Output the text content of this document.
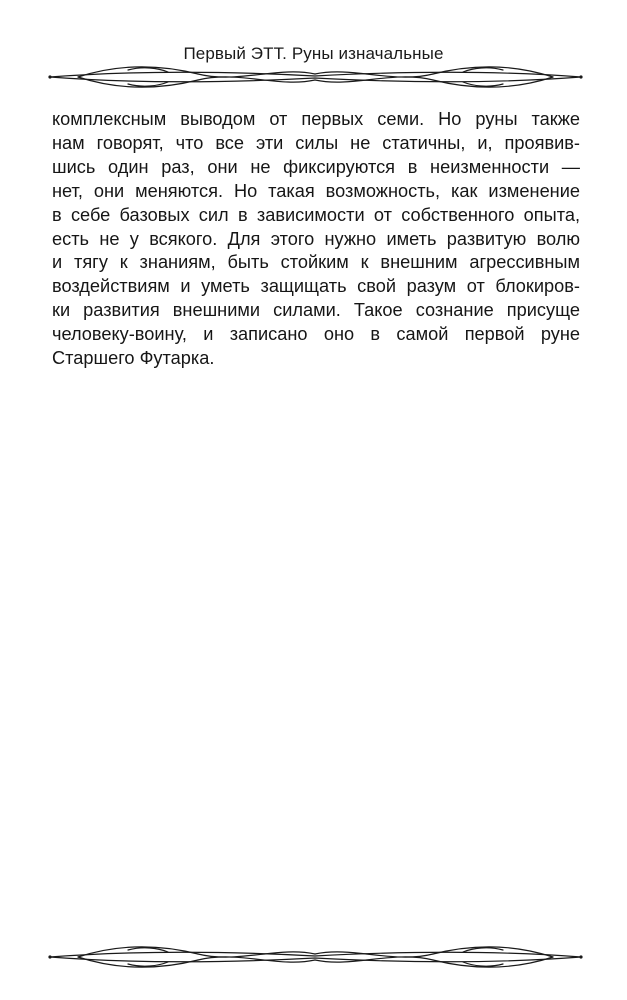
Первый ЭТТ. Руны изначальные

комплексным выводом от первых семи. Но руны также
нам говорят, что все эти силы не статичны, и, проявив-
шись один раз, они не фиксируются в неизменности —
нет, они меняются. Но такая возможность, как изменение
в себе базовых сил в зависимости от собственного опыта,
есть не у всякого. Для этого нужно иметь развитую волю
и тягу к знаниям, быть стойким к внешним агрессивным
воздействиям и уметь защищать свой разум от блокиров-
ки развития внешними силами. Такое сознание присуще
человеку-воину, и записано оно в самой первой руне
Старшего Футарка.
